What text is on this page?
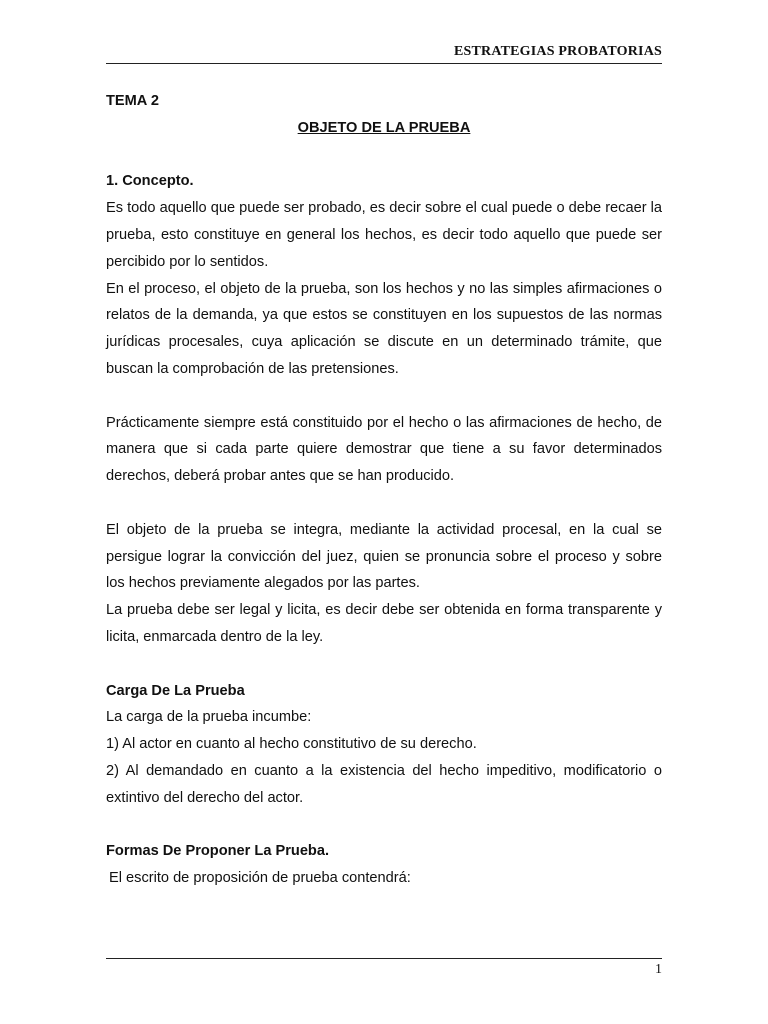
ESTRATEGIAS PROBATORIAS

TEMA 2

OBJETO DE LA PRUEBA

1. Concepto.

Es todo aquello que puede ser probado, es decir sobre el cual puede o debe recaer la prueba, esto constituye en general los hechos, es decir todo aquello que puede ser percibido por lo sentidos.

En el proceso, el objeto de la prueba, son los hechos y no las simples afirmaciones o relatos de la demanda, ya que estos se constituyen en los supuestos de las normas jurídicas procesales, cuya aplicación se discute en un determinado trámite, que buscan la comprobación de las pretensiones.

Prácticamente siempre está constituido por el hecho o las afirmaciones de hecho, de manera que si cada parte quiere demostrar que tiene a su favor determinados derechos, deberá probar antes que se han producido.

El objeto de la prueba se integra, mediante la actividad procesal, en la cual se persigue lograr la convicción del juez, quien se pronuncia sobre el proceso y sobre los hechos previamente alegados por las partes.

La prueba debe ser legal y licita, es decir debe ser obtenida en forma transparente y licita, enmarcada dentro de la ley.

Carga De La Prueba

La carga de la prueba incumbe:

1) Al actor en cuanto al hecho constitutivo de su derecho.

2) Al demandado en cuanto a la existencia del hecho impeditivo, modificatorio o extintivo del derecho del actor.

Formas De Proponer La Prueba.

El escrito de proposición de prueba contendrá:

1
